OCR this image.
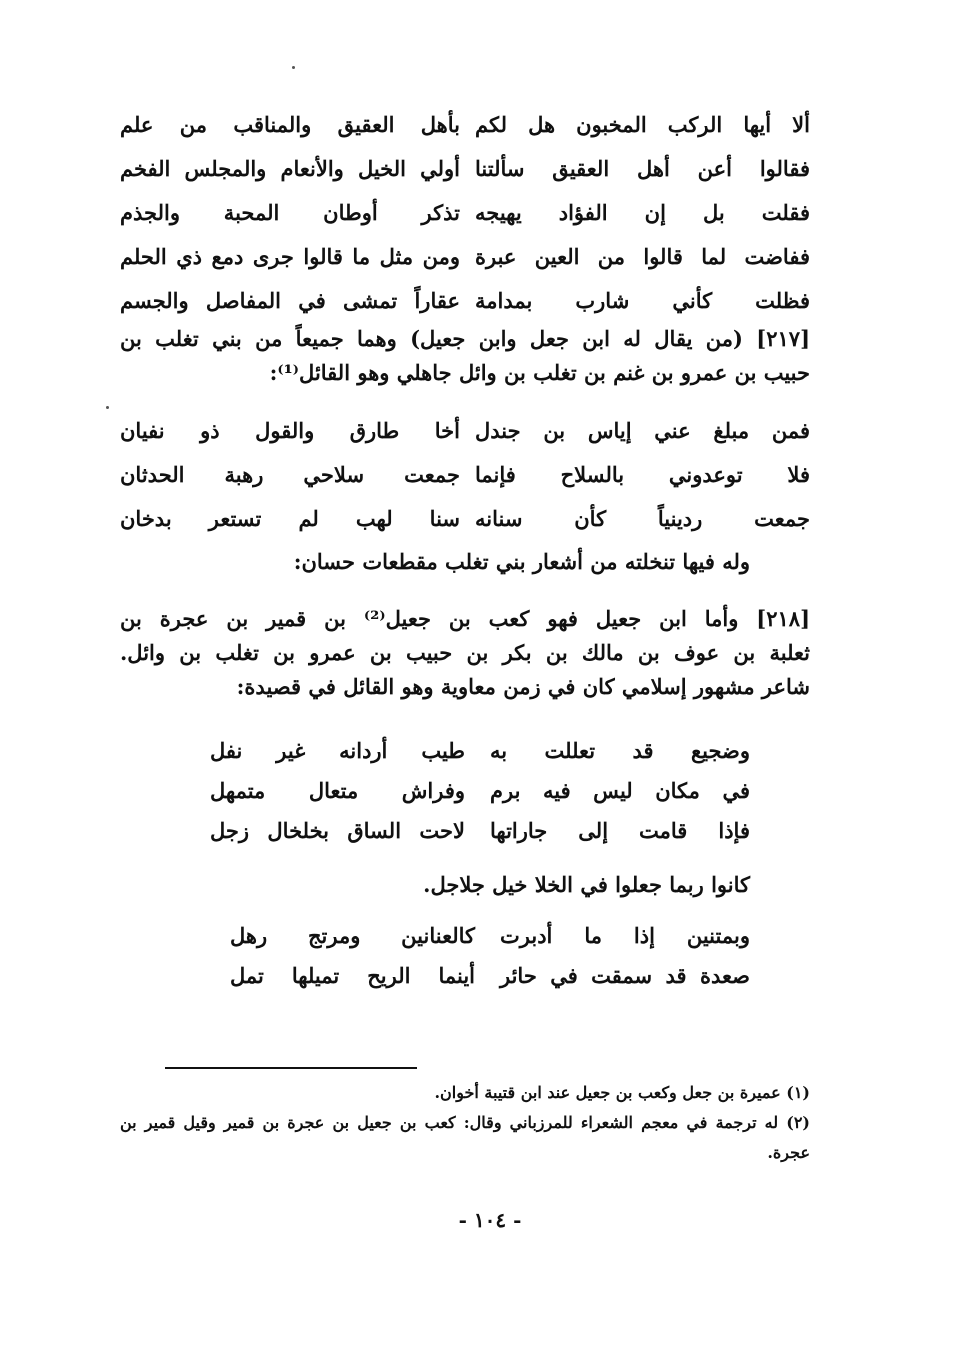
ألا أيها الركب المخبون هل لكم
بأهل العقيق والمناقب من علم
فقالوا أعن أهل العقيق سألتنا
أولي الخيل والأنعام والمجلس الفخم
فقلت بل إن الفؤاد يهيجه
تذكر أوطان المحبة والجذم
ففاضت لما قالوا من العين عبرة
ومن مثل ما قالوا جرى دمع ذي الحلم
فظلت كأني شارب بمدامة
عقاراً تمشى في المفاصل والجسم
[٢١٧] (من يقال له ابن جعل وابن جعيل) وهما جميعاً من بني تغلب بن
حبيب بن عمرو بن غنم بن تغلب بن وائل جاهلي وهو القائل⁽¹⁾:
فمن مبلغ عني إياس بن جندل
أخا طارق والقول ذو نفيان
فلا توعدوني بالسلاح فإنما
جمعت سلاحي رهبة الحدثان
جمعت ردينياً كأن سنانه
سنا لهب لم تستعر بدخان
وله فيها تنخلته من أشعار بني تغلب مقطعات حسان:
[٢١٨] وأما ابن جعيل فهو كعب بن جعيل⁽²⁾ بن قمير بن عجرة بن
ثعلبة بن عوف بن مالك بن بكر بن حبيب بن عمرو بن تغلب بن وائل.
شاعر مشهور إسلامي كان في زمن معاوية وهو القائل في قصيدة:
وضجيع قد تعللت به
طيب أردانه غير نفل
في مكان ليس فيه برم
وفراش متعال متمهل
فإذا قامت إلى جاراتها
لاحت الساق بخلخال زجل
كانوا ربما جعلوا في الخلا خيل جلاجل.
وبمتنين إذا ما أدبرت
كالعنانين ومرتج رهل
صعدة قد سمقت في حائر
أينما الريح تميلها تمل
(١) عميرة بن جعل وكعب بن جعيل عند ابن قتيبة أخوان.
(٢) له ترجمة في معجم الشعراء للمرزباني وقال: كعب بن جعيل بن عجرة بن قمير وقيل قمير بن
عجرة.
- ١٠٤ -
